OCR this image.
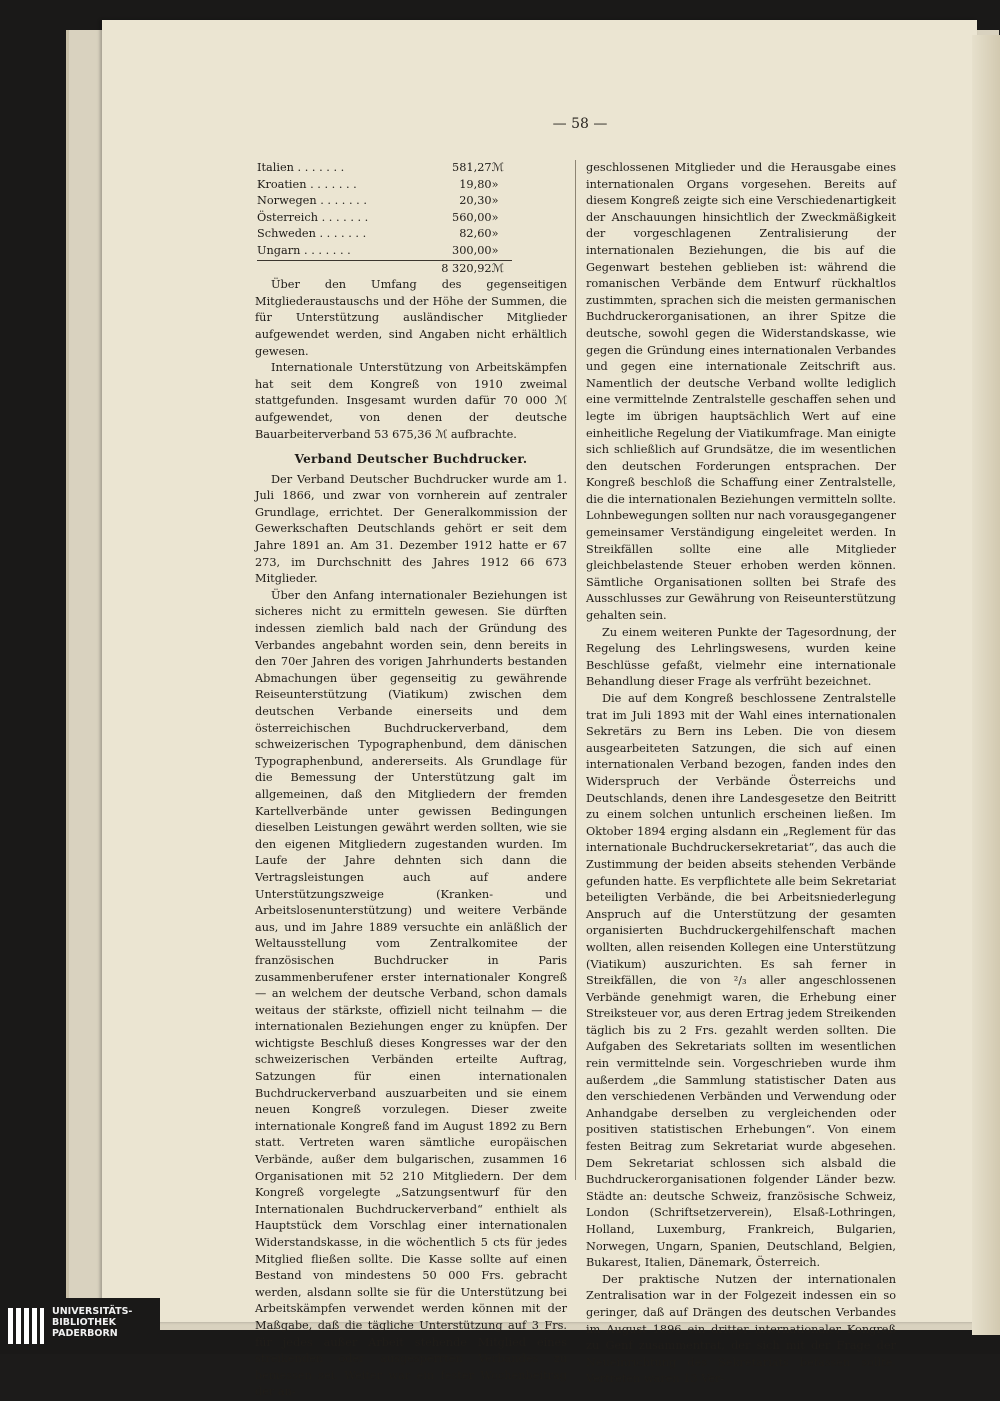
— 58 —
Italien . . . . . . .	581,27	ℳ
Kroatien . . . . . . .	19,80	»
Norwegen . . . . . . .	20,30	»
Österreich . . . . . . .	560,00	»
Schweden . . . . . . .	82,60	»
Ungarn . . . . . . .	300,00	»
	8 320,92	ℳ

Über den Umfang des gegenseitigen Mitgliederaustauschs und der Höhe der Summen, die für Unterstützung ausländischer Mitglieder aufgewendet werden, sind Angaben nicht erhältlich gewesen.

Internationale Unterstützung von Arbeitskämpfen hat seit dem Kongreß von 1910 zweimal stattgefunden. Insgesamt wurden dafür 70 000 ℳ aufgewendet, von denen der deutsche Bauarbeiterverband 53 675,36 ℳ aufbrachte.

Verband Deutscher Buchdrucker.

Der Verband Deutscher Buchdrucker wurde am 1. Juli 1866, und zwar von vornherein auf zentraler Grundlage, errichtet. Der Generalkommission der Gewerkschaften Deutschlands gehört er seit dem Jahre 1891 an. Am 31. Dezember 1912 hatte er 67 273, im Durchschnitt des Jahres 1912 66 673 Mitglieder.

Über den Anfang internationaler Beziehungen ist sicheres nicht zu ermitteln gewesen. Sie dürften indessen ziemlich bald nach der Gründung des Verbandes angebahnt worden sein, denn bereits in den 70er Jahren des vorigen Jahrhunderts bestanden Abmachungen über gegenseitig zu gewährende Reiseunterstützung (Viatikum) zwischen dem deutschen Verbande einerseits und dem österreichischen Buchdruckerverband, dem schweizerischen Typographenbund, dem dänischen Typographenbund, andererseits. Als Grundlage für die Bemessung der Unterstützung galt im allgemeinen, daß den Mitgliedern der fremden Kartellverbände unter gewissen Bedingungen dieselben Leistungen gewährt werden sollten, wie sie den eigenen Mitgliedern zugestanden wurden. Im Laufe der Jahre dehnten sich dann die Vertragsleistungen auch auf andere Unterstützungszweige (Kranken- und Arbeitslosenunterstützung) und weitere Verbände aus, und im Jahre 1889 versuchte ein anläßlich der Weltausstellung vom Zentralkomitee der französischen Buchdrucker in Paris zusammenberufener erster internationaler Kongreß — an welchem der deutsche Verband, schon damals weitaus der stärkste, offiziell nicht teilnahm — die internationalen Beziehungen enger zu knüpfen. Der wichtigste Beschluß dieses Kongresses war der den schweizerischen Verbänden erteilte Auftrag, Satzungen für einen internationalen Buchdruckerverband auszuarbeiten und sie einem neuen Kongreß vorzulegen. Dieser zweite internationale Kongreß fand im August 1892 zu Bern statt. Vertreten waren sämtliche europäischen Verbände, außer dem bulgarischen, zusammen 16 Organisationen mit 52 210 Mitgliedern. Der dem Kongreß vorgelegte „Satzungsentwurf für den Internationalen Buchdruckerverband“ enthielt als Hauptstück dem Vorschlag einer internationalen Widerstandskasse, in die wöchentlich 5 cts für jedes Mitglied fließen sollte. Die Kasse sollte auf einen Bestand von mindestens 50 000 Frs. gebracht werden, alsdann sollte sie für die Unterstützung bei Arbeitskämpfen verwendet werden können mit der Maßgabe, daß die tägliche Unterstützung auf 3 Frs. für jedes außer Arbeit stehende Mitglied eines streikenden oder ausgesperrten Verbandes zu bemessen sei. Weiter war ein fester Wochenbeitrag der an-

geschlossenen Mitglieder und die Herausgabe eines internationalen Organs vorgesehen. Bereits auf diesem Kongreß zeigte sich eine Verschiedenartigkeit der Anschauungen hinsichtlich der Zweckmäßigkeit der vorgeschlagenen Zentralisierung der internationalen Beziehungen, die bis auf die Gegenwart bestehen geblieben ist: während die romanischen Verbände dem Entwurf rückhaltlos zustimmten, sprachen sich die meisten germanischen Buchdruckerorganisationen, an ihrer Spitze die deutsche, sowohl gegen die Widerstandskasse, wie gegen die Gründung eines internationalen Verbandes und gegen eine internationale Zeitschrift aus. Namentlich der deutsche Verband wollte lediglich eine vermittelnde Zentralstelle geschaffen sehen und legte im übrigen hauptsächlich Wert auf eine einheitliche Regelung der Viatikumfrage. Man einigte sich schließlich auf Grundsätze, die im wesentlichen den deutschen Forderungen entsprachen. Der Kongreß beschloß die Schaffung einer Zentralstelle, die die internationalen Beziehungen vermitteln sollte. Lohnbewegungen sollten nur nach vorausgegangener gemeinsamer Verständigung eingeleitet werden. In Streikfällen sollte eine alle Mitglieder gleichbelastende Steuer erhoben werden können. Sämtliche Organisationen sollten bei Strafe des Ausschlusses zur Gewährung von Reiseunterstützung gehalten sein.

Zu einem weiteren Punkte der Tagesordnung, der Regelung des Lehrlingswesens, wurden keine Beschlüsse gefaßt, vielmehr eine internationale Behandlung dieser Frage als verfrüht bezeichnet.

Die auf dem Kongreß beschlossene Zentralstelle trat im Juli 1893 mit der Wahl eines internationalen Sekretärs zu Bern ins Leben. Die von diesem ausgearbeiteten Satzungen, die sich auf einen internationalen Verband bezogen, fanden indes den Widerspruch der Verbände Österreichs und Deutschlands, denen ihre Landesgesetze den Beitritt zu einem solchen untunlich erscheinen ließen. Im Oktober 1894 erging alsdann ein „Reglement für das internationale Buchdruckersekretariat“, das auch die Zustimmung der beiden abseits stehenden Verbände gefunden hatte. Es verpflichtete alle beim Sekretariat beteiligten Verbände, die bei Arbeitsniederlegung Anspruch auf die Unterstützung der gesamten organisierten Buchdruckergehilfenschaft machen wollten, allen reisenden Kollegen eine Unterstützung (Viatikum) auszurichten. Es sah ferner in Streikfällen, die von ²/₃ aller angeschlossenen Verbände genehmigt waren, die Erhebung einer Streiksteuer vor, aus deren Ertrag jedem Streikenden täglich bis zu 2 Frs. gezahlt werden sollten. Die Aufgaben des Sekretariats sollten im wesentlichen rein vermittelnde sein. Vorgeschrieben wurde ihm außerdem „die Sammlung statistischer Daten aus den verschiedenen Verbänden und Verwendung oder Anhandgabe derselben zu vergleichenden oder positiven statistischen Erhebungen“. Von einem festen Beitrag zum Sekretariat wurde abgesehen. Dem Sekretariat schlossen sich alsbald die Buchdruckerorganisationen folgender Länder bezw. Städte an: deutsche Schweiz, französische Schweiz, London (Schriftsetzerverein), Elsaß-Lothringen, Holland, Luxemburg, Frankreich, Bulgarien, Norwegen, Ungarn, Spanien, Deutschland, Belgien, Bukarest, Italien, Dänemark, Österreich.

Der praktische Nutzen der internationalen Zentralisation war in der Folgezeit indessen ein so geringer, daß auf Drängen des deutschen Verbandes im August 1896 ein dritter internationaler Kongreß zu Genf zusammentrat, der sich mit der Frage der Neueinrichtung des Sekretariats befassen sollte. Vertreten waren 13 Ver-

UNIVERSITÄTS-
BIBLIOTHEK
PADERBORN
